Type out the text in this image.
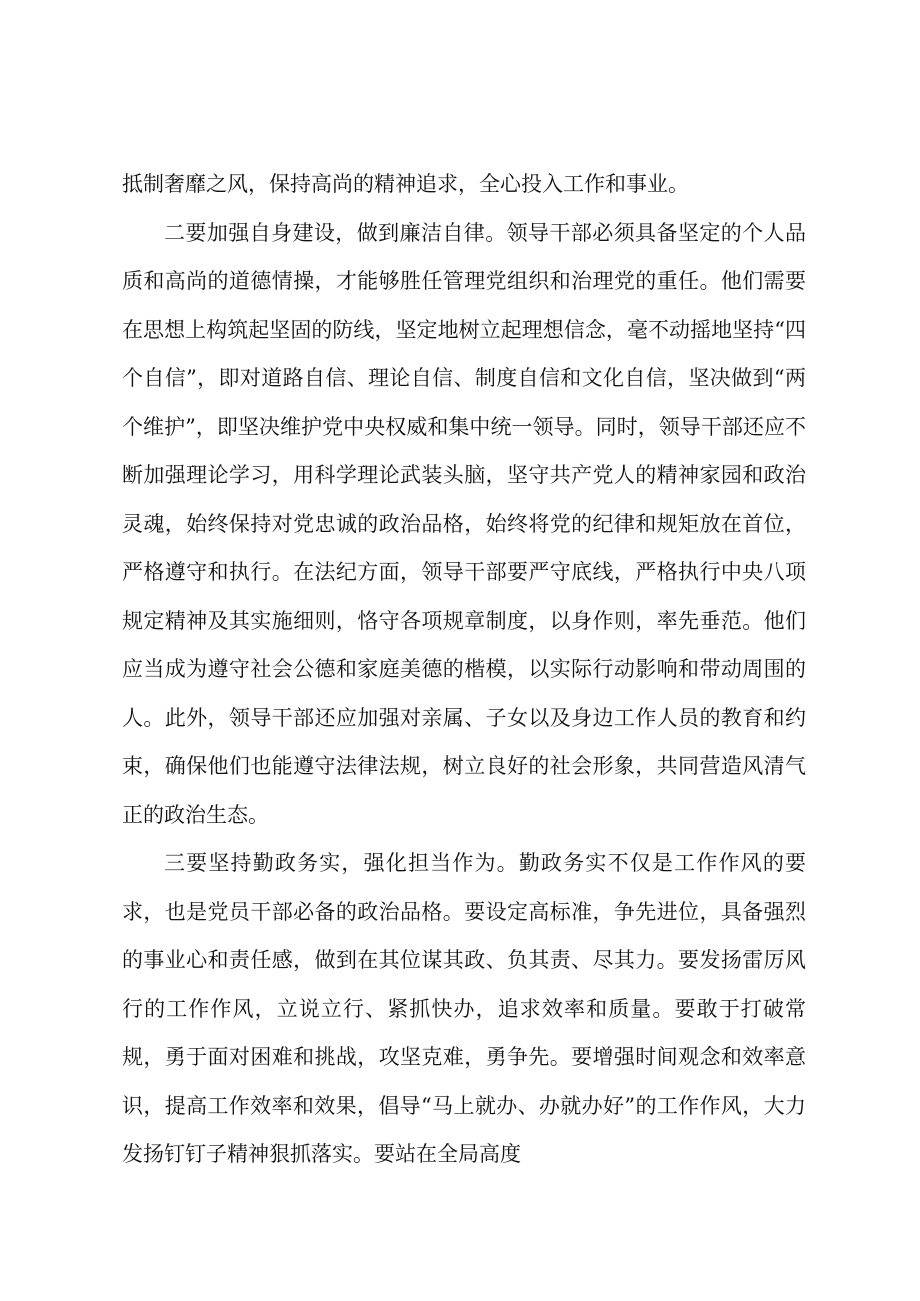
抵制奢靡之风，保持高尚的精神追求，全心投入工作和事业。

二要加强自身建设，做到廉洁自律。领导干部必须具备坚定的个人品质和高尚的道德情操，才能够胜任管理党组织和治理党的重任。他们需要在思想上构筑起坚固的防线，坚定地树立起理想信念，毫不动摇地坚持“四个自信”，即对道路自信、理论自信、制度自信和文化自信，坚决做到“两个维护”，即坚决维护党中央权威和集中统一领导。同时，领导干部还应不断加强理论学习，用科学理论武装头脑，坚守共产党人的精神家园和政治灵魂，始终保持对党忠诚的政治品格，始终将党的纪律和规矩放在首位，严格遵守和执行。在法纪方面，领导干部要严守底线，严格执行中央八项规定精神及其实施细则，恪守各项规章制度，以身作则，率先垂范。他们应当成为遵守社会公德和家庭美德的楷模，以实际行动影响和带动周围的人。此外，领导干部还应加强对亲属、子女以及身边工作人员的教育和约束，确保他们也能遵守法律法规，树立良好的社会形象，共同营造风清气正的政治生态。

三要坚持勤政务实，强化担当作为。勤政务实不仅是工作作风的要求，也是党员干部必备的政治品格。要设定高标准，争先进位，具备强烈的事业心和责任感，做到在其位谋其政、负其责、尽其力。要发扬雷厉风行的工作作风，立说立行、紧抓快办，追求效率和质量。要敢于打破常规，勇于面对困难和挑战，攻坚克难，勇争先。要增强时间观念和效率意识，提高工作效率和效果，倡导“马上就办、办就办好”的工作作风，大力发扬钉钉子精神狠抓落实。要站在全局高度
